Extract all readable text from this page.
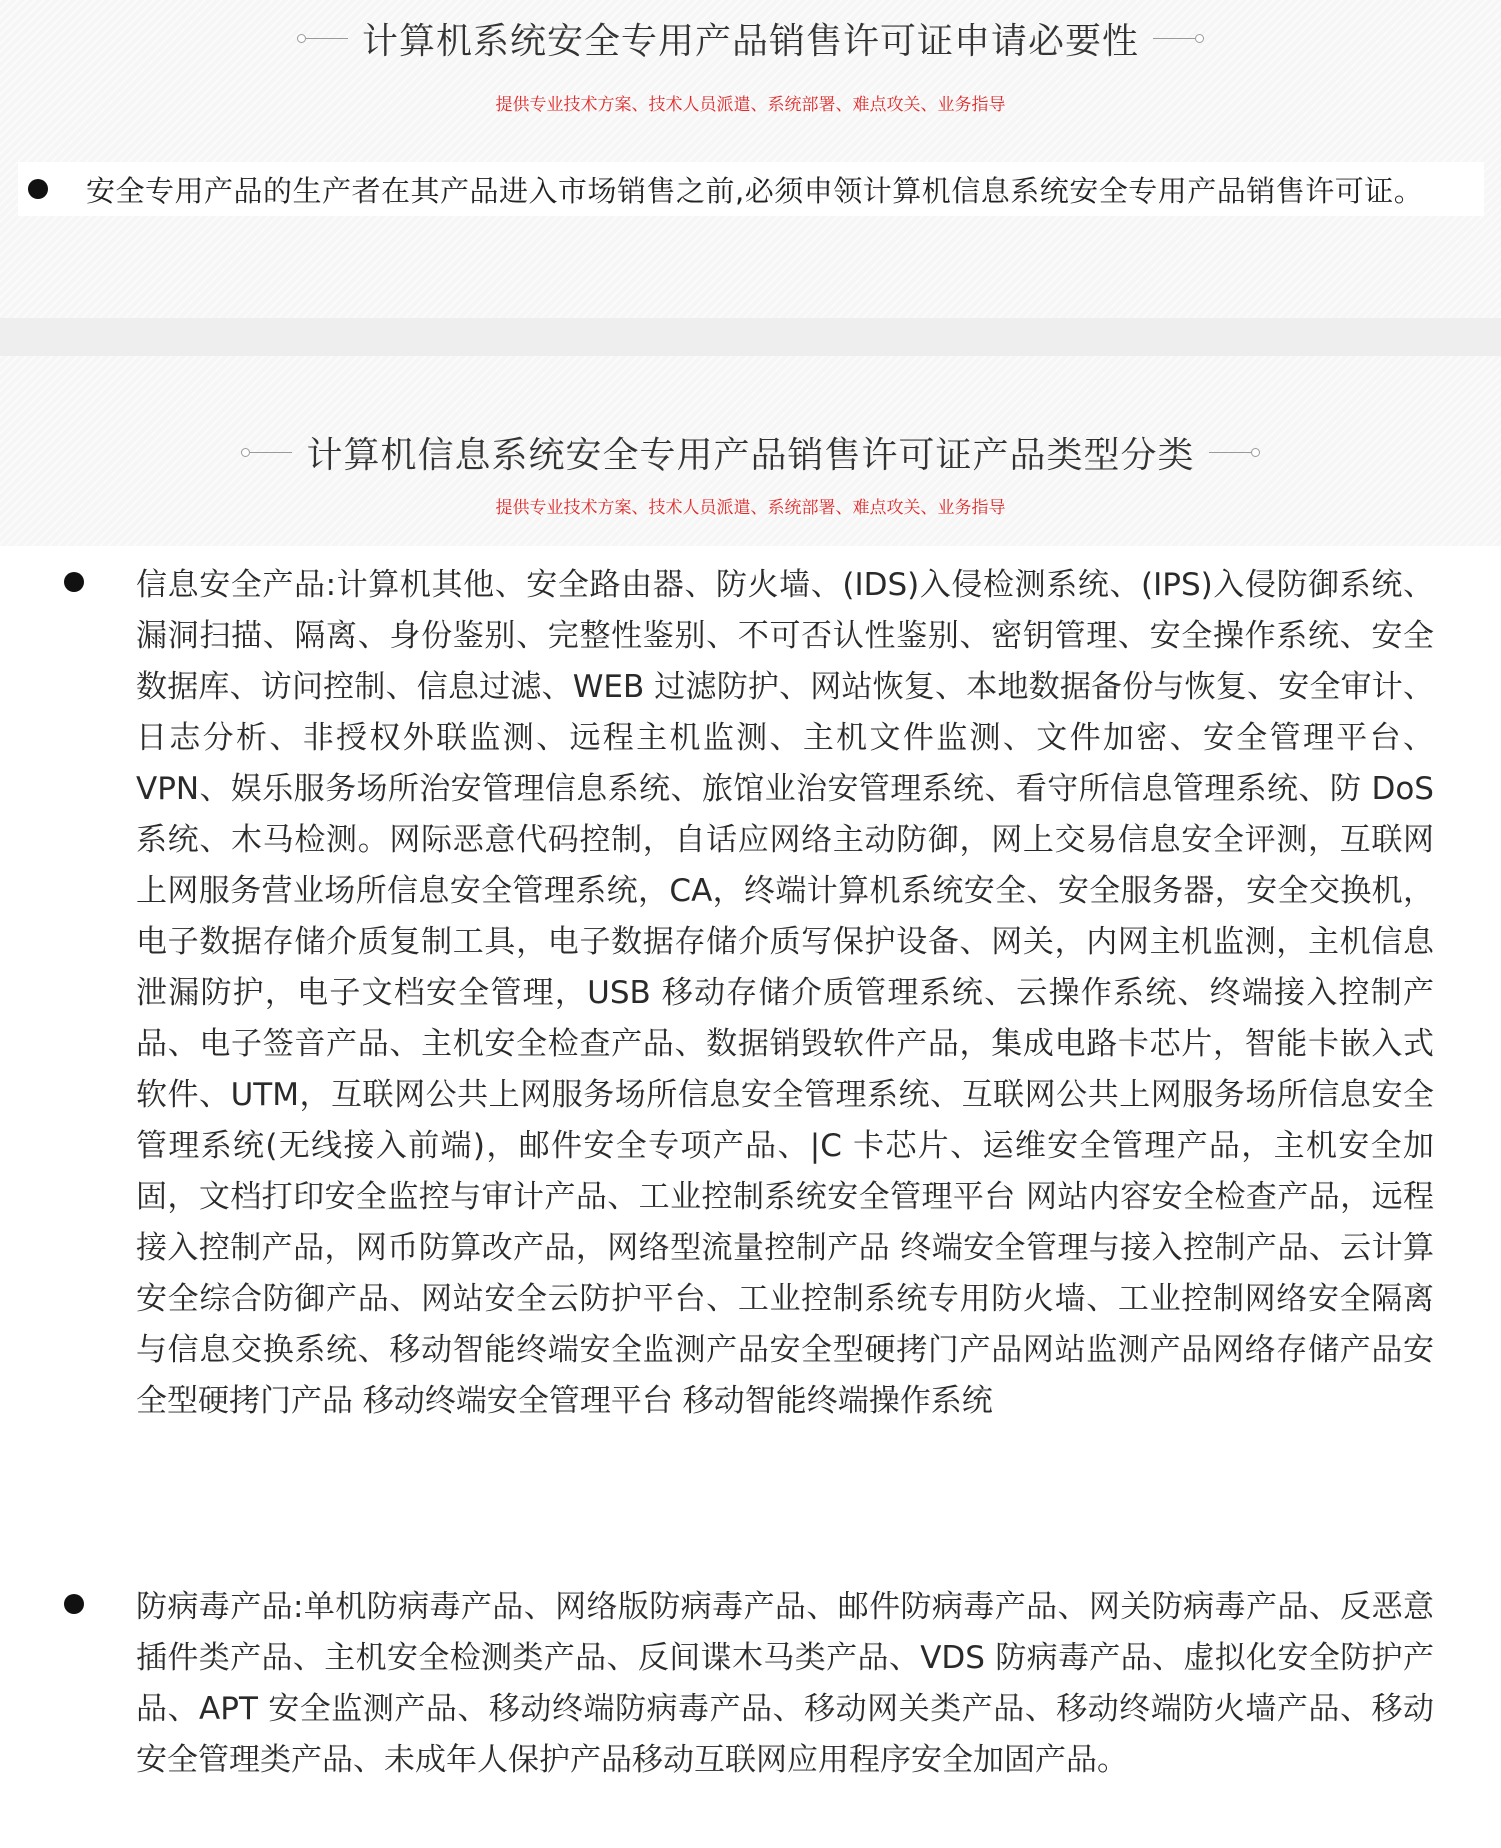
计算机系统安全专用产品销售许可证申请必要性
提供专业技术方案、技术人员派遣、系统部署、难点攻关、业务指导
安全专用产品的生产者在其产品进入市场销售之前,必须申领计算机信息系统安全专用产品销售许可证。
计算机信息系统安全专用产品销售许可证产品类型分类
提供专业技术方案、技术人员派遣、系统部署、难点攻关、业务指导
信息安全产品:计算机其他、安全路由器、防火墙、(IDS)入侵检测系统、(IPS)入侵防御系统、漏洞扫描、隔离、身份鉴别、完整性鉴别、不可否认性鉴别、密钥管理、安全操作系统、安全数据库、访问控制、信息过滤、WEB 过滤防护、网站恢复、本地数据备份与恢复、安全审计、日志分析、非授权外联监测、远程主机监测、主机文件监测、文件加密、安全管理平台、VPN、娱乐服务场所治安管理信息系统、旅馆业治安管理系统、看守所信息管理系统、防 DoS 系统、木马检测。网际恶意代码控制，自话应网络主动防御，网上交易信息安全评测，互联网上网服务营业场所信息安全管理系统，CA，终端计算机系统安全、安全服务器，安全交换机，电子数据存储介质复制工具，电子数据存储介质写保护设备、网关，内网主机监测，主机信息泄漏防护，电子文档安全管理，USB 移动存储介质管理系统、云操作系统、终端接入控制产品、电子签音产品、主机安全检查产品、数据销毁软件产品，集成电路卡芯片，智能卡嵌入式软件、UTM，互联网公共上网服务场所信息安全管理系统、互联网公共上网服务场所信息安全管理系统(无线接入前端)，邮件安全专项产品、|C 卡芯片、运维安全管理产品，主机安全加固，文档打印安全监控与审计产品、工业控制系统安全管理平台 网站内容安全检查产品，远程接入控制产品，网币防算改产品，网络型流量控制产品 终端安全管理与接入控制产品、云计算安全综合防御产品、网站安全云防护平台、工业控制系统专用防火墙、工业控制网络安全隔离与信息交换系统、移动智能终端安全监测产品安全型硬拷门产品网站监测产品网络存储产品安全型硬拷门产品 移动终端安全管理平台 移动智能终端操作系统
防病毒产品:单机防病毒产品、网络版防病毒产品、邮件防病毒产品、网关防病毒产品、反恶意插件类产品、主机安全检测类产品、反间谍木马类产品、VDS 防病毒产品、虚拟化安全防护产品、APT 安全监测产品、移动终端防病毒产品、移动网关类产品、移动终端防火墙产品、移动安全管理类产品、未成年人保护产品移动互联网应用程序安全加固产品。
